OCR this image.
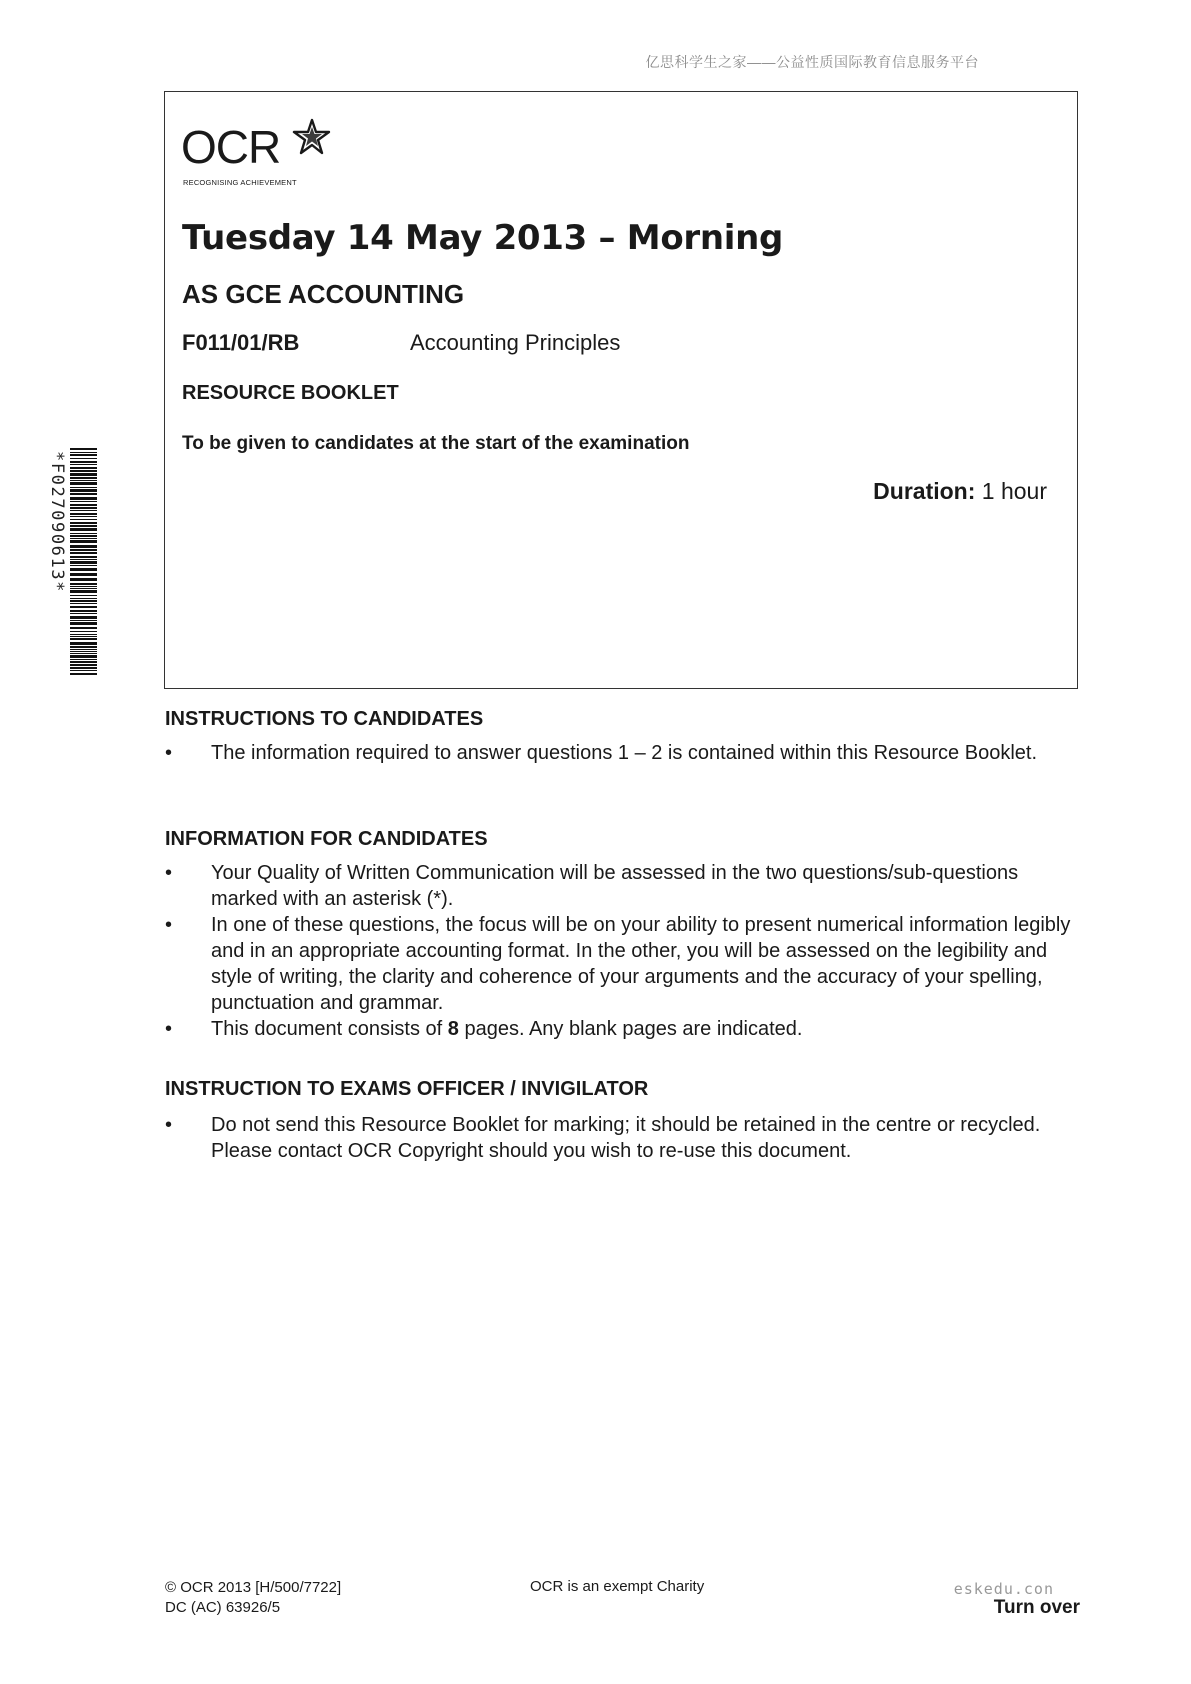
亿思科学生之家——公益性质国际教育信息服务平台
OCR
RECOGNISING ACHIEVEMENT
Tuesday 14 May 2013 – Morning
AS GCE ACCOUNTING
F011/01/RB	Accounting Principles
RESOURCE BOOKLET
To be given to candidates at the start of the examination
Duration: 1 hour
*F027090613*
INSTRUCTIONS TO CANDIDATES
• The information required to answer questions 1 – 2 is contained within this Resource Booklet.
INFORMATION FOR CANDIDATES
• Your Quality of Written Communication will be assessed in the two questions/sub-questions marked with an asterisk (*).
• In one of these questions, the focus will be on your ability to present numerical information legibly and in an appropriate accounting format. In the other, you will be assessed on the legibility and style of writing, the clarity and coherence of your arguments and the accuracy of your spelling, punctuation and grammar.
• This document consists of 8 pages. Any blank pages are indicated.
INSTRUCTION TO EXAMS OFFICER / INVIGILATOR
• Do not send this Resource Booklet for marking; it should be retained in the centre or recycled. Please contact OCR Copyright should you wish to re-use this document.
© OCR 2013 [H/500/7722]
DC (AC) 63926/5
OCR is an exempt Charity	eskedu.con
Turn over
